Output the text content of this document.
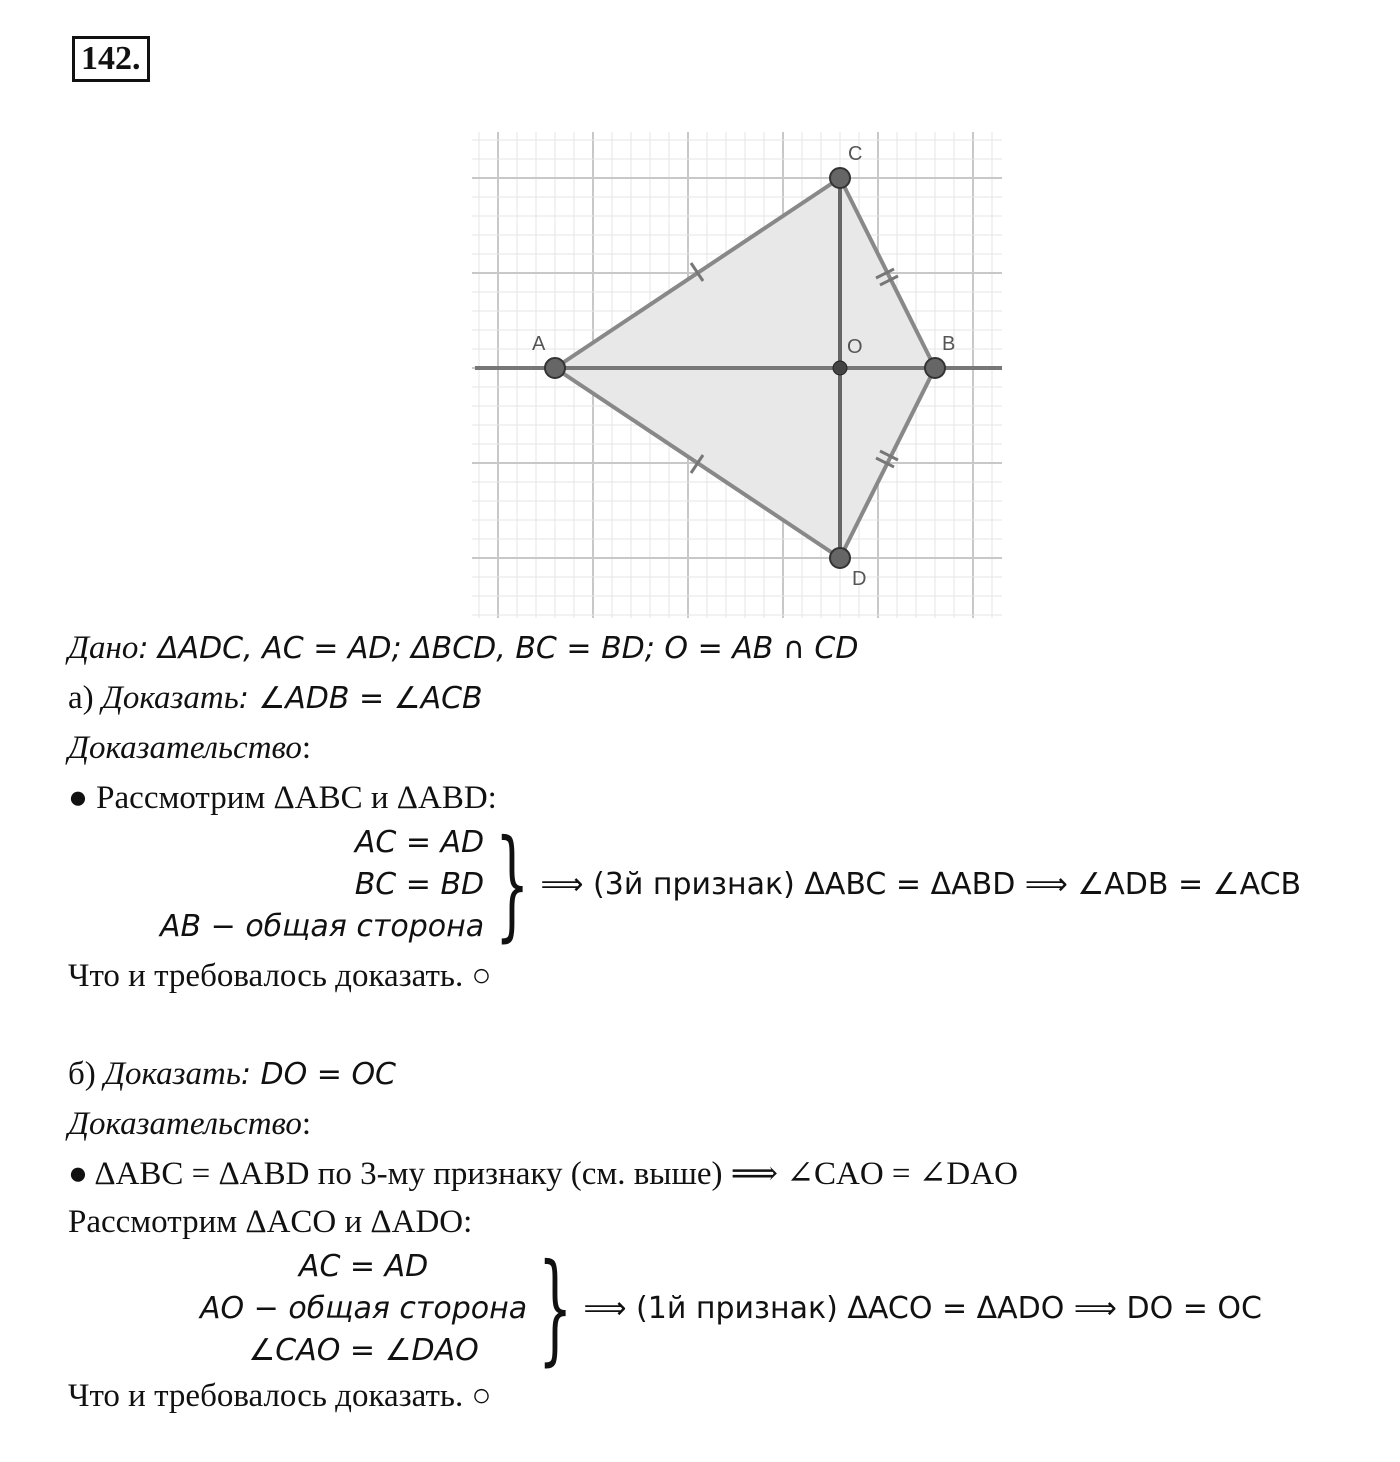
142.
A	B
C
D
O
Дано: ΔADC, AC = AD; ΔBCD, BC = BD; O = AB ∩ CD
а) Доказать: ∠ADB = ∠ACB
Доказательство:
● Рассмотрим ΔABC и ΔABD:
AC = AD
BC = BD
AB − общая сторона } ⟹ (3й признак) ΔABC = ΔABD ⟹ ∠ADB = ∠ACB
Что и требовалось доказать. ○
б) Доказать: DO = OC
Доказательство:
● ΔABC = ΔABD по 3-му признаку (см. выше) ⟹ ∠CAO = ∠DAO
Рассмотрим ΔACO и ΔADO:
AC = AD
AO − общая сторона
∠CAO = ∠DAO } ⟹ (1й признак) ΔACO = ΔADO ⟹ DO = OC
Что и требовалось доказать. ○
